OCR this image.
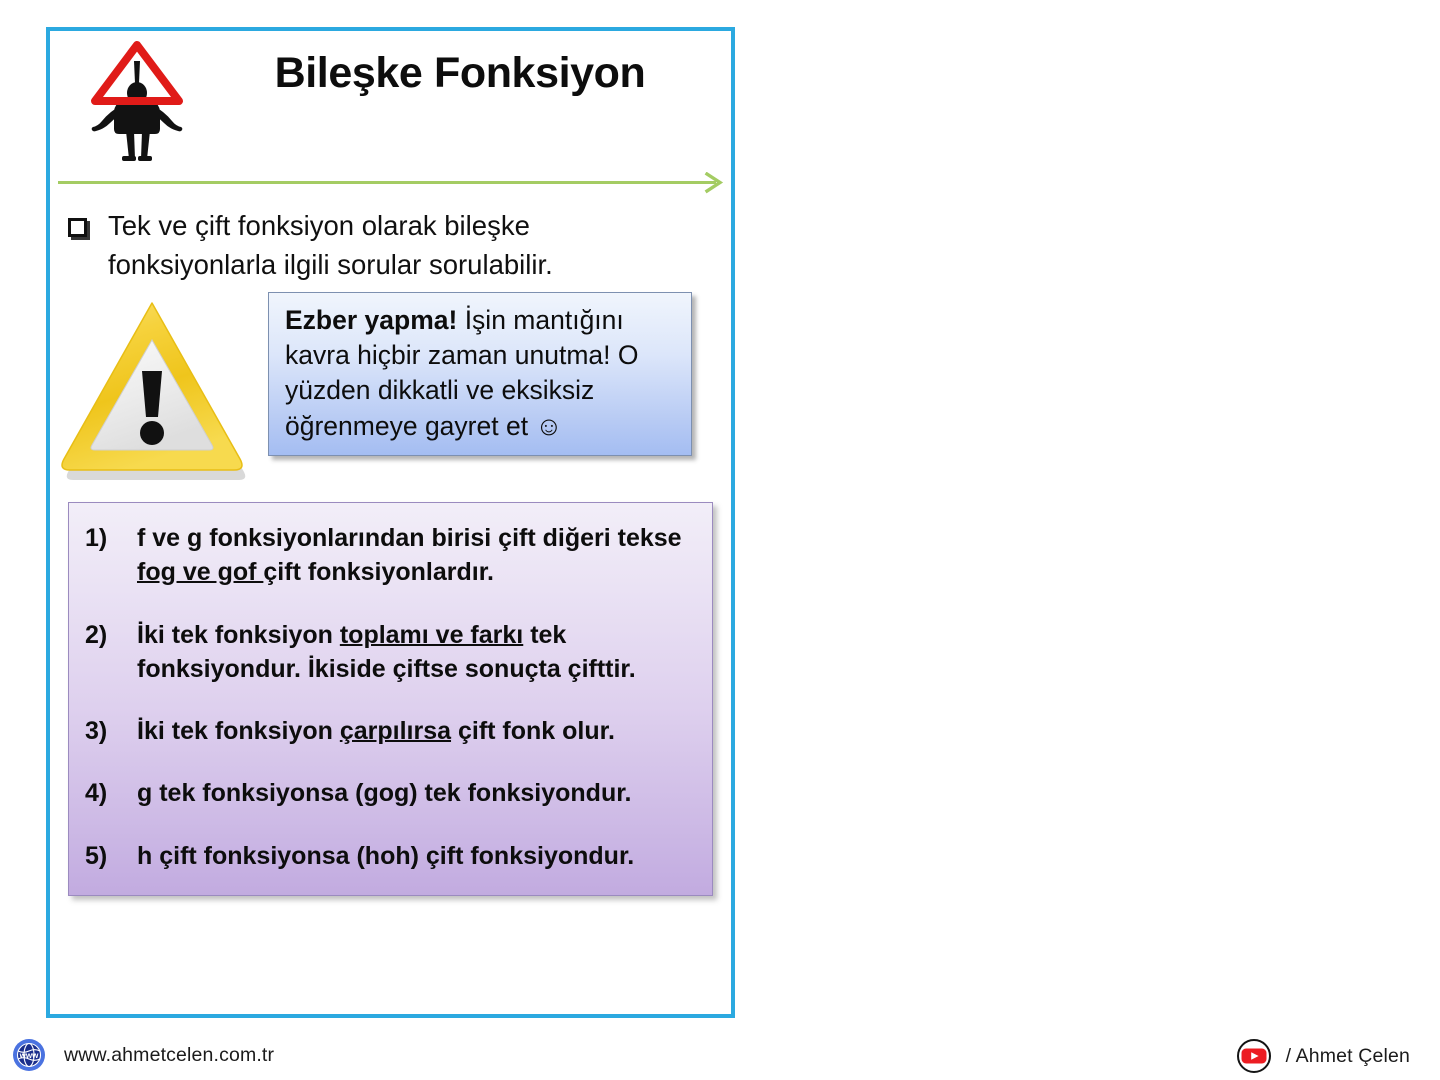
Bileşke Fonksiyon
Tek ve çift fonksiyon olarak bileşke fonksiyonlarla ilgili sorular sorulabilir.
Ezber yapma! İşin mantığını kavra hiçbir zaman unutma! O yüzden dikkatli ve eksiksiz öğrenmeye gayret et ☺
1)	f ve g fonksiyonlarından birisi çift diğeri tekse fog ve gof çift fonksiyonlardır.
2)	İki tek fonksiyon toplamı ve farkı tek fonksiyondur. İkiside çiftse sonuçta çifttir.
3)	İki tek fonksiyon çarpılırsa çift fonk olur.
4)	g tek fonksiyonsa (gog) tek fonksiyondur.
5)	h çift fonksiyonsa (hoh) çift fonksiyondur.
www www.ahmetcelen.com.tr	/ Ahmet Çelen
